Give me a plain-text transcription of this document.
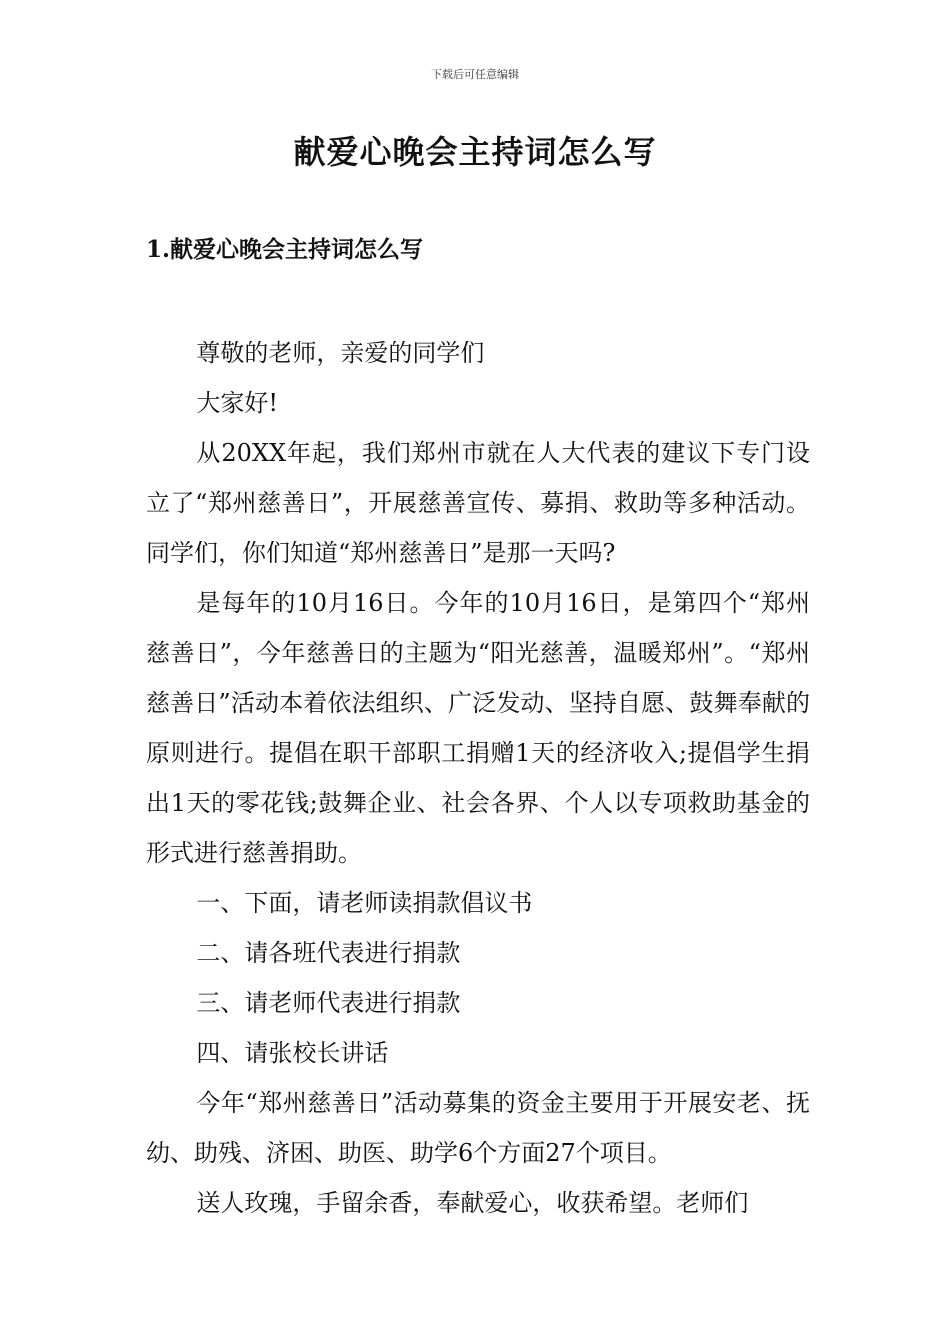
下载后可任意编辑
献爱心晚会主持词怎么写
1.献爱心晚会主持词怎么写

尊敬的老师，亲爱的同学们

大家好!

从20XX年起，我们郑州市就在人大代表的建议下专门设立了“郑州慈善日”，开展慈善宣传、募捐、救助等多种活动。同学们，你们知道“郑州慈善日”是那一天吗?

是每年的10月16日。今年的10月16日，是第四个“郑州慈善日”，今年慈善日的主题为“阳光慈善，温暖郑州”。“郑州慈善日”活动本着依法组织、广泛发动、坚持自愿、鼓舞奉献的原则进行。提倡在职干部职工捐赠1天的经济收入;提倡学生捐出1天的零花钱;鼓舞企业、社会各界、个人以专项救助基金的形式进行慈善捐助。

一、下面，请老师读捐款倡议书

二、请各班代表进行捐款

三、请老师代表进行捐款

四、请张校长讲话

今年“郑州慈善日”活动募集的资金主要用于开展安老、抚幼、助残、济困、助医、助学6个方面27个项目。

送人玫瑰，手留余香，奉献爱心，收获希望。老师们
